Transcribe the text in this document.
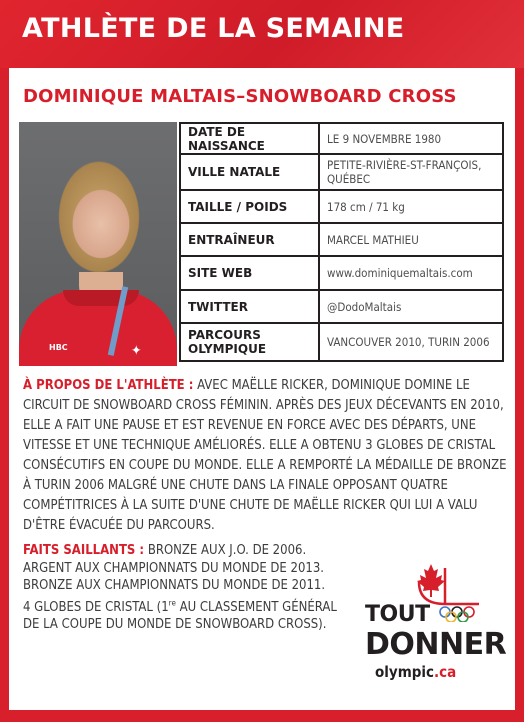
ATHLÈTE DE LA SEMAINE
DOMINIQUE MALTAIS–SNOWBOARD CROSS
HBC	✦
DATE DE NAISSANCE	LE 9 NOVEMBRE 1980
VILLE NATALE	PETITE-RIVIÈRE-ST-FRANÇOIS, QUÉBEC
TAILLE / POIDS	178 cm / 71 kg
ENTRAÎNEUR	MARCEL MATHIEU
SITE WEB	www.dominiquemaltais.com
TWITTER	@DodoMaltais
PARCOURS OLYMPIQUE	VANCOUVER 2010, TURIN 2006
À PROPOS DE L'ATHLÈTE : AVEC MAËLLE RICKER, DOMINIQUE DOMINE LE CIRCUIT DE SNOWBOARD CROSS FÉMININ. APRÈS DES JEUX DÉCEVANTS EN 2010, ELLE A FAIT UNE PAUSE ET EST REVENUE EN FORCE AVEC DES DÉPARTS, UNE VITESSE ET UNE TECHNIQUE AMÉLIORÉS. ELLE A OBTENU 3 GLOBES DE CRISTAL CONSÉCUTIFS EN COUPE DU MONDE. ELLE A REMPORTÉ LA MÉDAILLE DE BRONZE À TURIN 2006 MALGRÉ UNE CHUTE DANS LA FINALE OPPOSANT QUATRE COMPÉTITRICES À LA SUITE D'UNE CHUTE DE MAËLLE RICKER QUI LUI A VALU D'ÊTRE ÉVACUÉE DU PARCOURS.
FAITS SAILLANTS : BRONZE AUX J.O. DE 2006.
ARGENT AUX CHAMPIONNATS DU MONDE DE 2013.
BRONZE AUX CHAMPIONNATS DU MONDE DE 2011.
4 GLOBES DE CRISTAL (1re AU CLASSEMENT GÉNÉRAL DE LA COUPE DU MONDE DE SNOWBOARD CROSS).	TOUT
DONNER
olympic.ca
